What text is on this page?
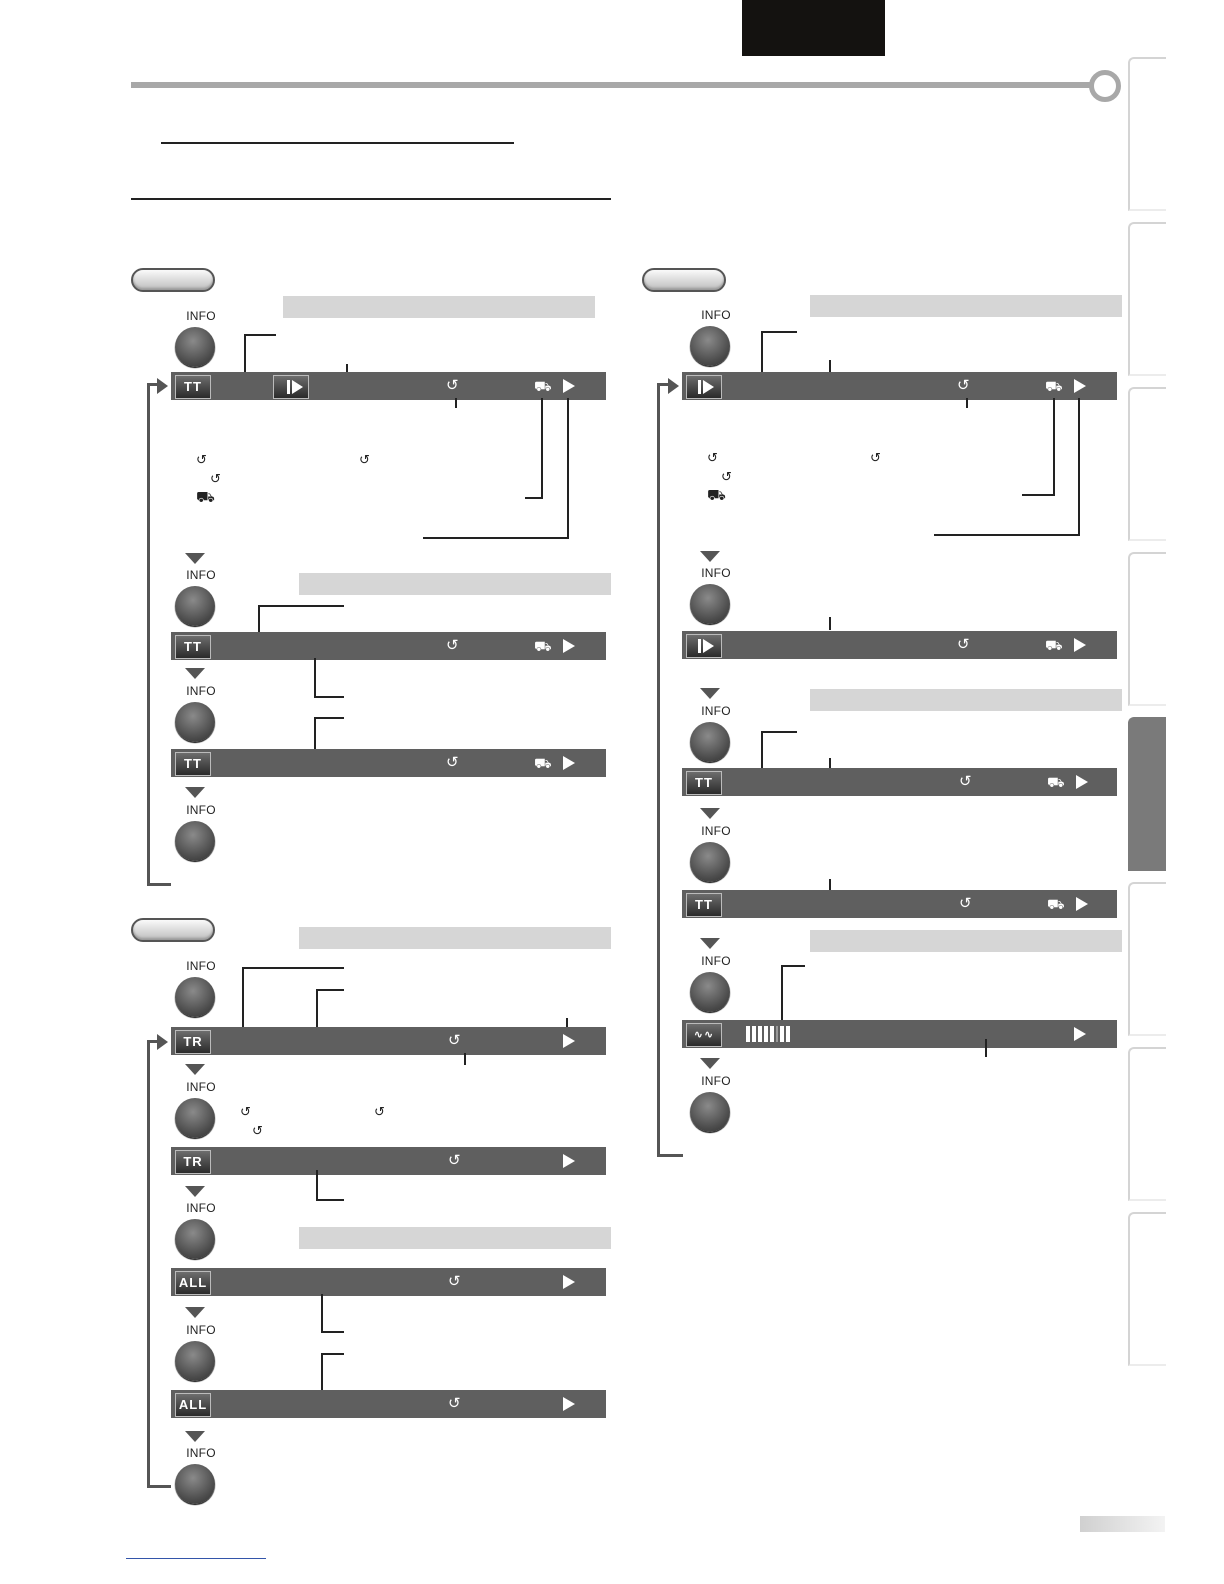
INFO
TT	↺	⛟
↺	↺
↺
⛟
INFO
TT	↺	⛟
INFO
TT	↺	⛟
INFO
INFO
TR	↺
INFO
↺	↺
↺
TR	↺
INFO
ALL	↺
INFO
ALL	↺
INFO
INFO
↺	⛟
↺	↺
↺
⛟
INFO
↺	⛟
INFO
TT	↺	⛟
INFO
TT	↺	⛟
INFO
∿∿
INFO
